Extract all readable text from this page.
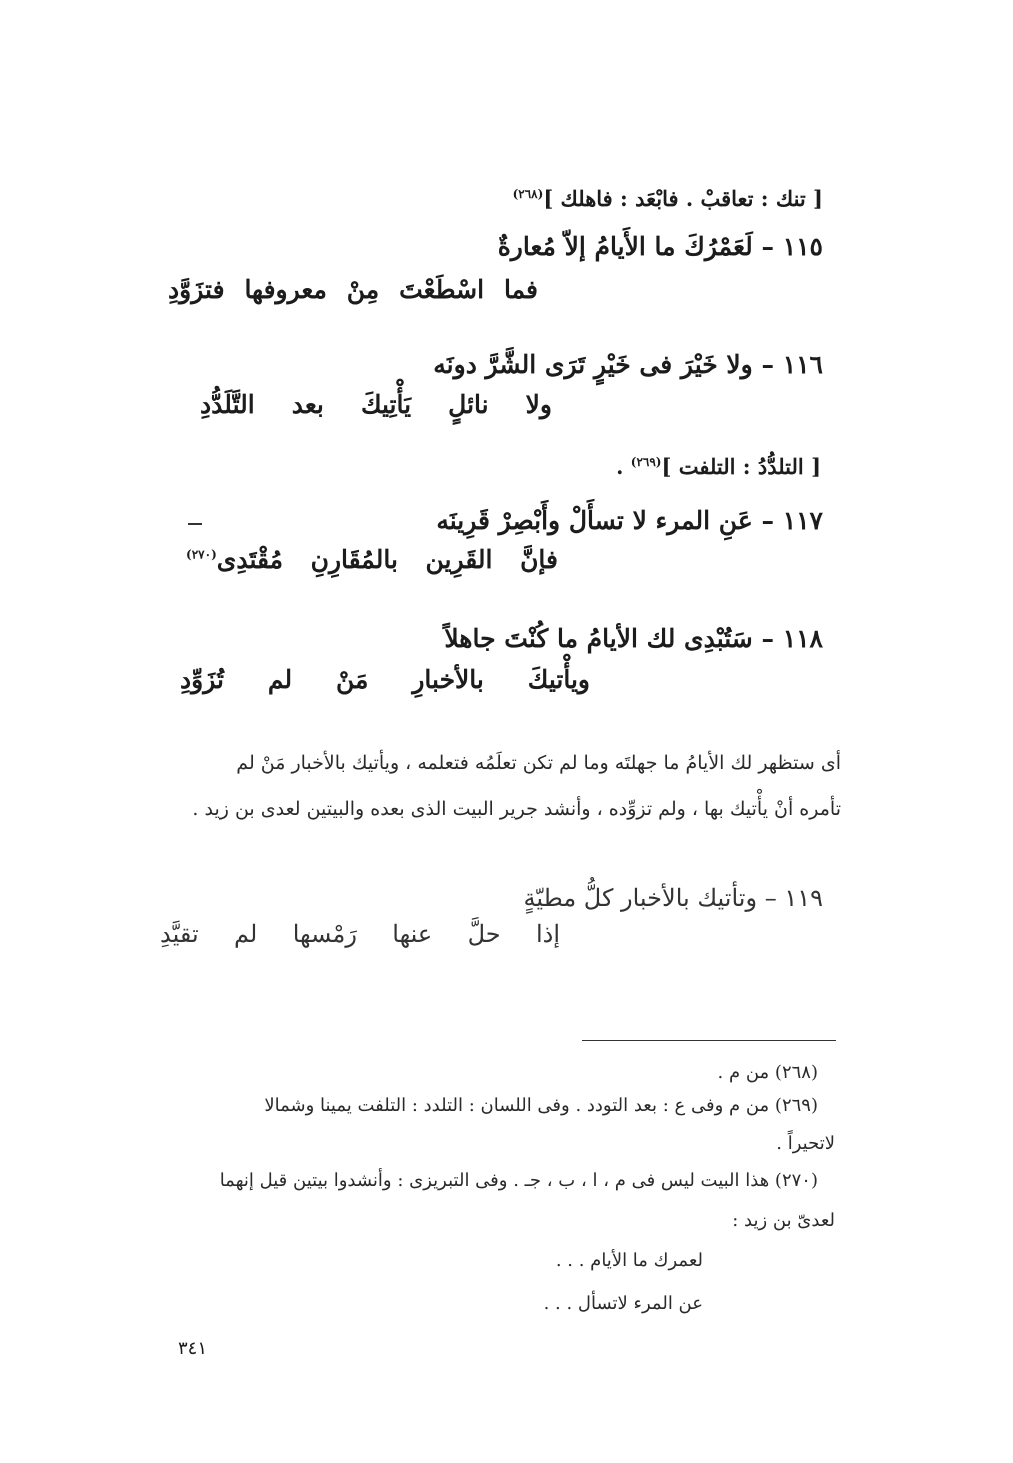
[ تنك : تعاقبْ . فابْعَد : فاهلك ]$^{(٢٦٨)}$
١١٥ – لَعَمْرُكَ ما الأَيامُ إلاّ مُعارةٌ
فما
اسْطَعْتَ
مِنْ
معروفها
فتزَوَّدِ
١١٦ – ولا خَيْرَ فى خَيْرٍ تَرَى الشَّرَّ دونَه
ولا
نائلٍ
يَأْتِيكَ
بعد
التَّلَدُّدِ
[ التلدُّدُ : التلفت ]$^{(٢٦٩)}$ .
١١٧ – عَنِ المرء لا تسأَلْ وأَبْصِرْ قَرِينَه
فإنَّ
القَرِين
بالمُقَارِنِ
مُقْتَدِى$^{(٢٧٠)}$
١١٨ – سَتُبْدِى لك الأيامُ ما كُنْتَ جاهلاً
ويأْتيكَ
بالأخبارِ
مَنْ
لم
تُزَوِّدِ
أى ستظهر لك الأيامُ ما جهلتَه وما لم تكن تعلَمُه فتعلمه ، ويأتيك بالأخبار مَنْ لم
تأمره أنْ يأْتيك بها ، ولم تزوِّده ، وأنشد جرير البيت الذى بعده والبيتين لعدى بن زيد .
١١٩ – وتأتيك بالأخبار كلُّ مطيّةٍ
إذا
حلَّ
عنها
رَمْسها
لم
تقيَّدِ
(٢٦٨) من م .
(٢٦٩) من م وفى ع : بعد التودد . وفى اللسان : التلدد : التلفت يمينا وشمالا
لاتحيراً .
(٢٧٠) هذا البيت ليس فى م ، ا ، ب ، جـ . وفى التبريزى : وأنشدوا بيتين قيل إنهما
لعدىّ بن زيد :
لعمرك ما الأيام . . .
عن المرء لاتسأل . . .
٣٤١
